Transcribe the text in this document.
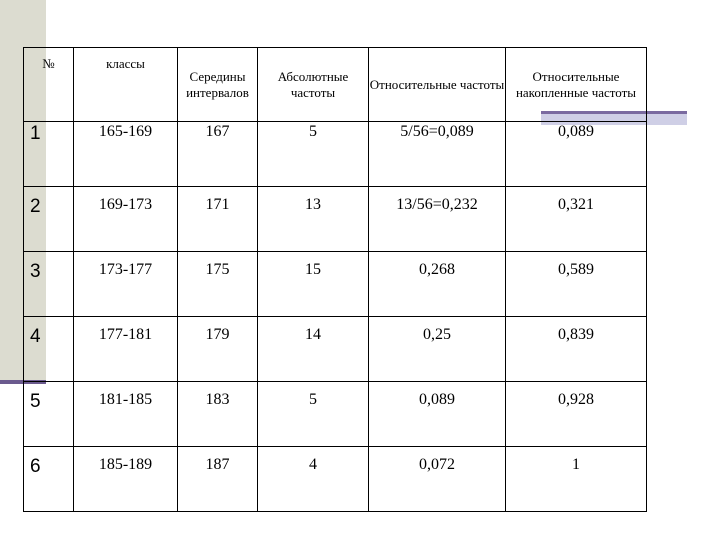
№	классы	Середины интервалов	Абсолютные частоты	Относительные частоты	Относительные накопленные частоты
1	165-169	167	5	5/56=0,089	0,089
2	169-173	171	13	13/56=0,232	0,321
3	173-177	175	15	0,268	0,589
4	177-181	179	14	0,25	0,839
5	181-185	183	5	0,089	0,928
6	185-189	187	4	0,072	1
